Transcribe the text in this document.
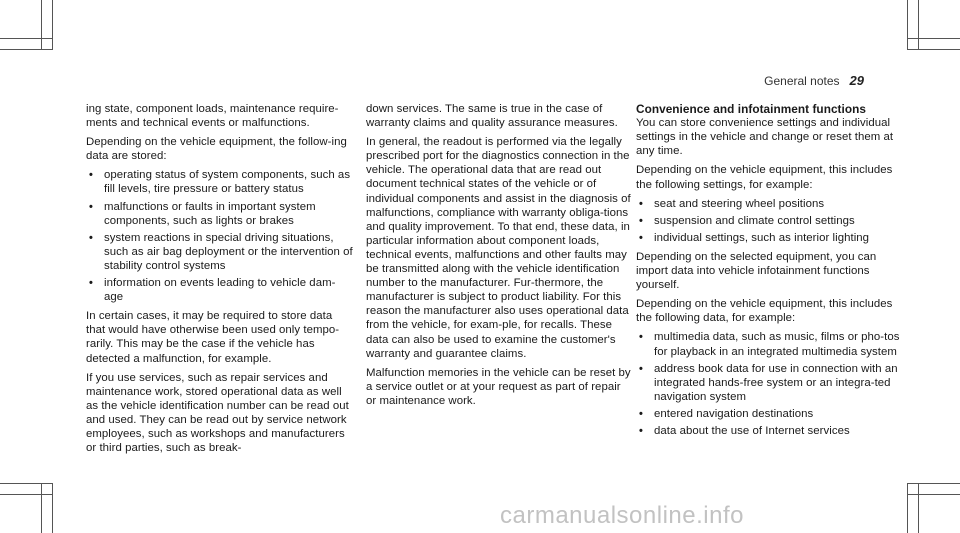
General notes 29

ing state, component loads, maintenance require-ments and technical events or malfunctions.

Depending on the vehicle equipment, the follow-ing data are stored:

• operating status of system components, such as fill levels, tire pressure or battery status
• malfunctions or faults in important system components, such as lights or brakes
• system reactions in special driving situations, such as air bag deployment or the intervention of stability control systems
• information on events leading to vehicle dam-age

In certain cases, it may be required to store data that would have otherwise been used only tempo-rarily. This may be the case if the vehicle has detected a malfunction, for example.

If you use services, such as repair services and maintenance work, stored operational data as well as the vehicle identification number can be read out and used. They can be read out by service network employees, such as workshops and manufacturers or third parties, such as break-

down services. The same is true in the case of warranty claims and quality assurance measures.

In general, the readout is performed via the legally prescribed port for the diagnostics connection in the vehicle. The operational data that are read out document technical states of the vehicle or of individual components and assist in the diagnosis of malfunctions, compliance with warranty obliga-tions and quality improvement. To that end, these data, in particular information about component loads, technical events, malfunctions and other faults may be transmitted along with the vehicle identification number to the manufacturer. Fur-thermore, the manufacturer is subject to product liability. For this reason the manufacturer also uses operational data from the vehicle, for exam-ple, for recalls. These data can also be used to examine the customer's warranty and guarantee claims.

Malfunction memories in the vehicle can be reset by a service outlet or at your request as part of repair or maintenance work.

Convenience and infotainment functions

You can store convenience settings and individual settings in the vehicle and change or reset them at any time.

Depending on the vehicle equipment, this includes the following settings, for example:

• seat and steering wheel positions
• suspension and climate control settings
• individual settings, such as interior lighting

Depending on the selected equipment, you can import data into vehicle infotainment functions yourself.

Depending on the vehicle equipment, this includes the following data, for example:

• multimedia data, such as music, films or pho-tos for playback in an integrated multimedia system
• address book data for use in connection with an integrated hands-free system or an integra-ted navigation system
• entered navigation destinations
• data about the use of Internet services
carmanualsonline.info
